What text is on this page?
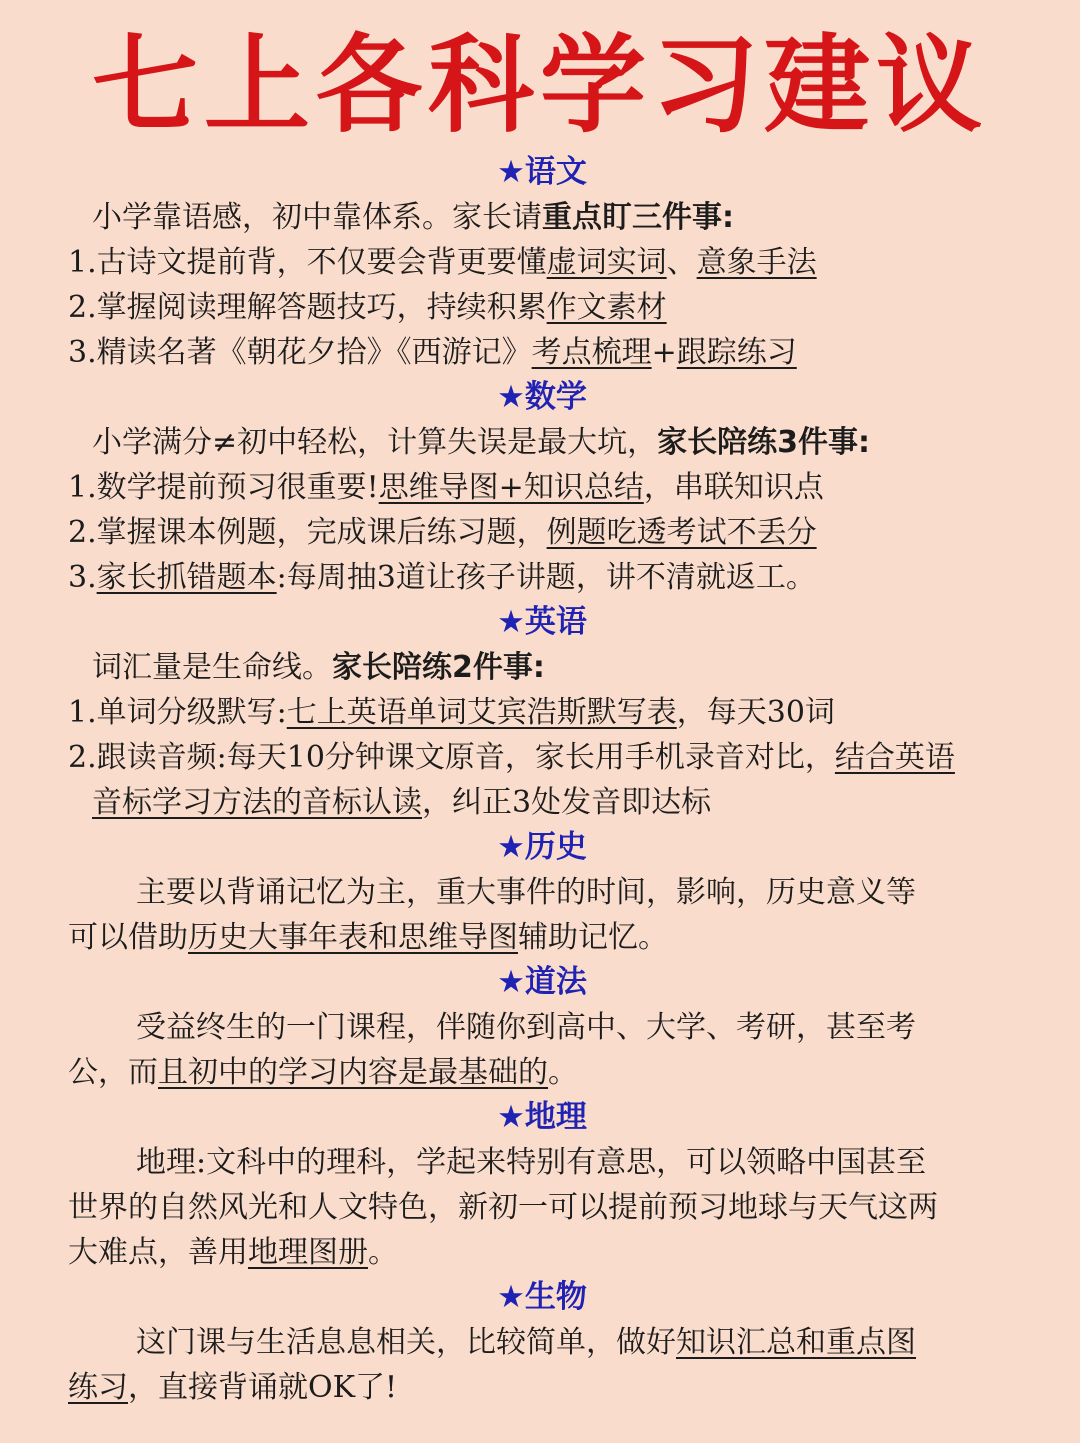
七上各科学习建议
★语文
小学靠语感，初中靠体系。家长请重点盯三件事:
1.古诗文提前背，不仅要会背更要懂虚词实词、意象手法
2.掌握阅读理解答题技巧，持续积累作文素材
3.精读名著《朝花夕拾》《西游记》考点梳理+跟踪练习
★数学
小学满分≠初中轻松，计算失误是最大坑，家长陪练3件事:
1.数学提前预习很重要!思维导图+知识总结，串联知识点
2.掌握课本例题，完成课后练习题，例题吃透考试不丢分
3.家长抓错题本:每周抽3道让孩子讲题，讲不清就返工。
★英语
词汇量是生命线。家长陪练2件事:
1.单词分级默写:七上英语单词艾宾浩斯默写表，每天30词
2.跟读音频:每天10分钟课文原音，家长用手机录音对比，结合英语
音标学习方法的音标认读，纠正3处发音即达标
★历史
主要以背诵记忆为主，重大事件的时间，影响，历史意义等
可以借助历史大事年表和思维导图辅助记忆。
★道法
受益终生的一门课程，伴随你到高中、大学、考研，甚至考
公，而且初中的学习内容是最基础的。
★地理
地理:文科中的理科，学起来特别有意思，可以领略中国甚至
世界的自然风光和人文特色，新初一可以提前预习地球与天气这两
大难点，善用地理图册。
★生物
这门课与生活息息相关，比较简单，做好知识汇总和重点图
练习，直接背诵就OK了!
